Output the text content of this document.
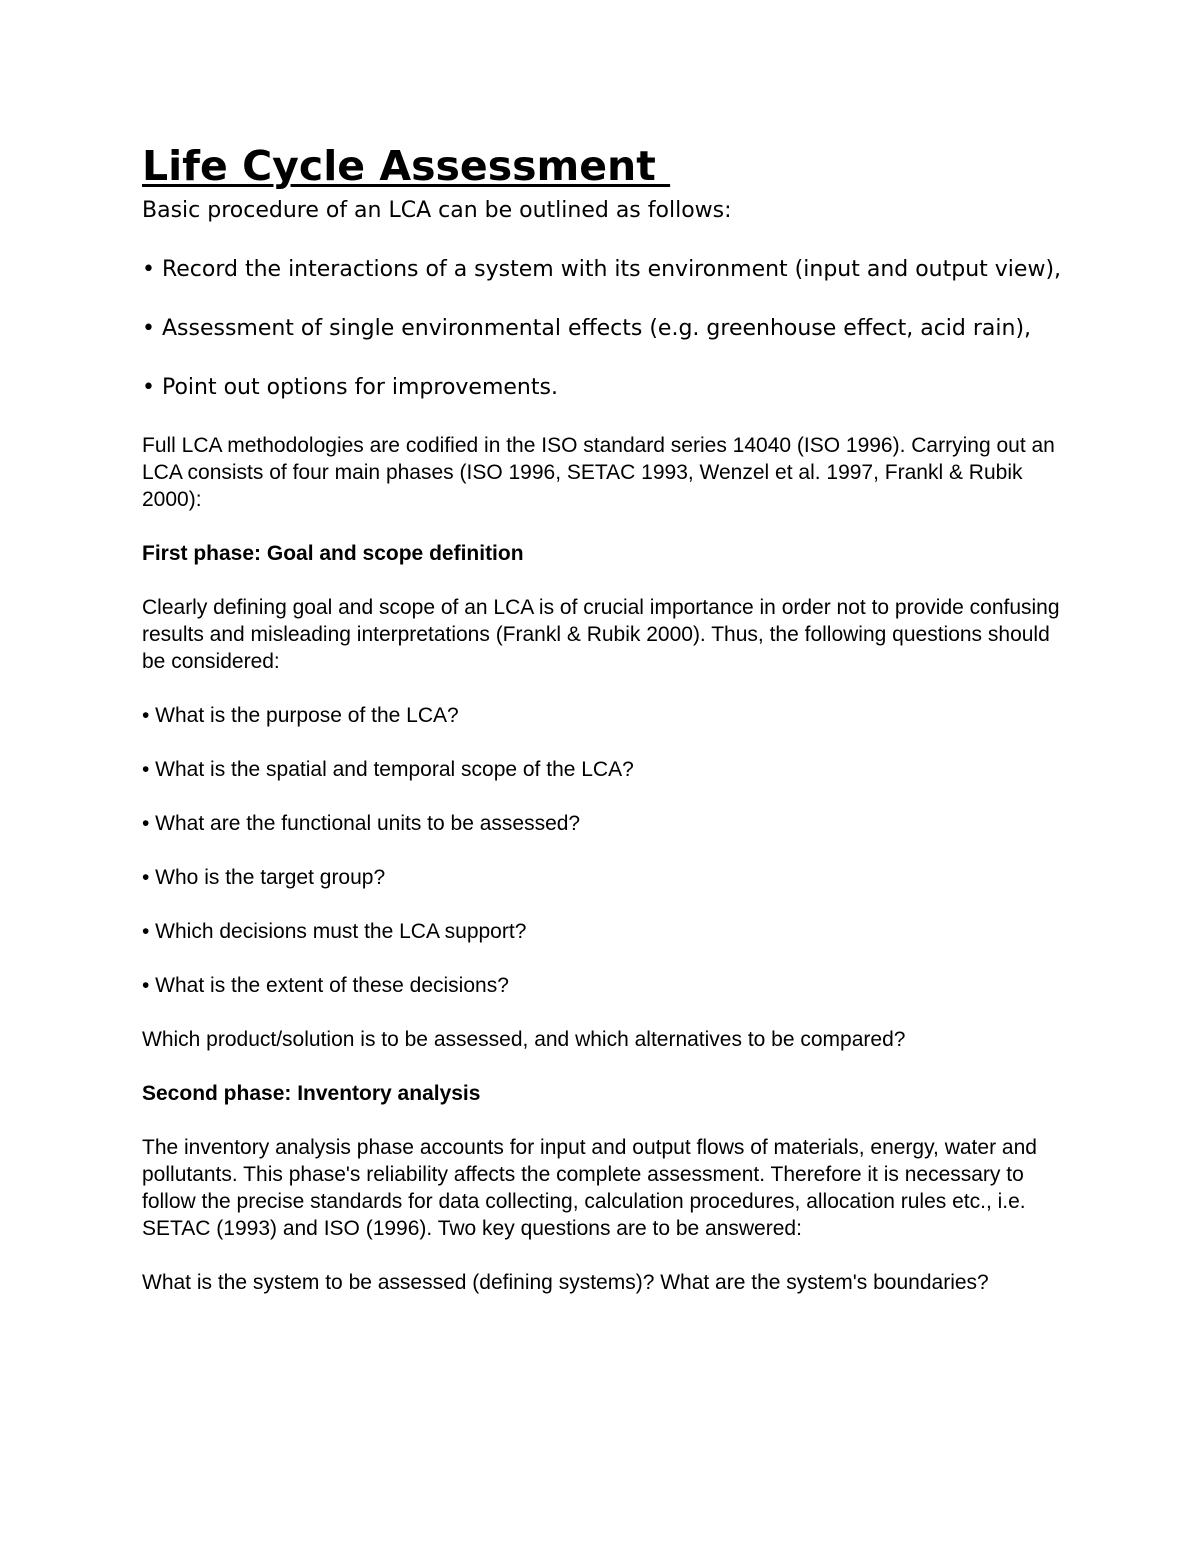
Life Cycle Assessment

Basic procedure of an LCA can be outlined as follows:

• Record the interactions of a system with its environment (input and output view),
• Assessment of single environmental effects (e.g. greenhouse effect, acid rain),
• Point out options for improvements.

Full LCA methodologies are codified in the ISO standard series 14040 (ISO 1996). Carrying out an LCA consists of four main phases (ISO 1996, SETAC 1993, Wenzel et al. 1997, Frankl & Rubik 2000):

First phase: Goal and scope definition

Clearly defining goal and scope of an LCA is of crucial importance in order not to provide confusing results and misleading interpretations (Frankl & Rubik 2000). Thus, the following questions should be considered:

• What is the purpose of the LCA?
• What is the spatial and temporal scope of the LCA?
• What are the functional units to be assessed?
• Who is the target group?
• Which decisions must the LCA support?
• What is the extent of these decisions?

Which product/solution is to be assessed, and which alternatives to be compared?

Second phase: Inventory analysis

The inventory analysis phase accounts for input and output flows of materials, energy, water and pollutants. This phase's reliability affects the complete assessment. Therefore it is necessary to follow the precise standards for data collecting, calculation procedures, allocation rules etc., i.e. SETAC (1993) and ISO (1996). Two key questions are to be answered:

What is the system to be assessed (defining systems)? What are the system's boundaries?
